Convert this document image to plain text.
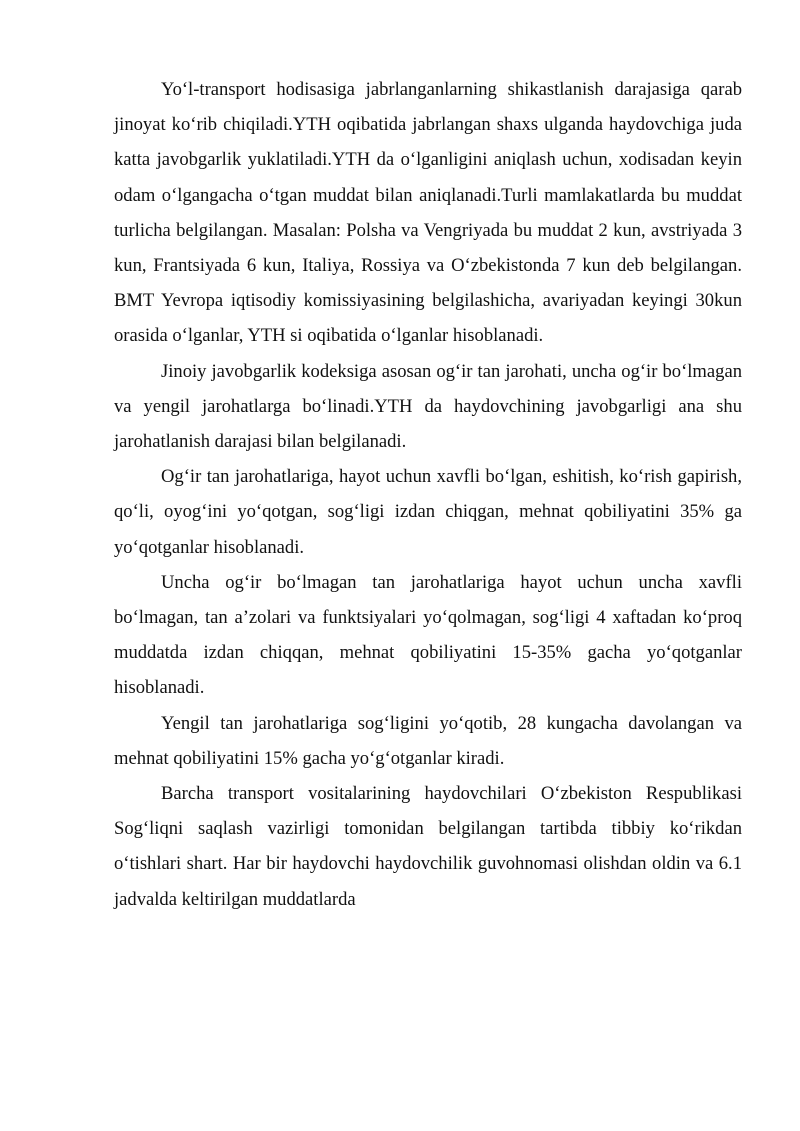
Yo‘l-transport hodisasiga jabrlanganlarning shikastlanish darajasiga qarab jinoyat ko‘rib chiqiladi.YTH oqibatida jabrlangan shaxs ulganda haydovchiga juda katta javobgarlik yuklatiladi.YTH da o‘lganligini aniqlash uchun, xodisadan keyin odam o‘lgangacha o‘tgan muddat bilan aniqlanadi.Turli mamlakatlarda bu muddat turlicha belgilangan. Masalan: Polsha va Vengriyada bu muddat 2 kun, avstriyada 3 kun, Frantsiyada 6 kun, Italiya, Rossiya va O‘zbekistonda 7 kun deb belgilangan. BMT Yevropa iqtisodiy komissiyasining belgilashicha, avariyadan keyingi 30kun orasida o‘lganlar, YTH si oqibatida o‘lganlar hisoblanadi.

Jinoiy javobgarlik kodeksiga asosan og‘ir tan jarohati, uncha og‘ir bo‘lmagan va yengil jarohatlarga bo‘linadi.YTH da haydovchining javobgarligi ana shu jarohatlanish darajasi bilan belgilanadi.

Og‘ir tan jarohatlariga, hayot uchun xavfli bo‘lgan, eshitish, ko‘rish gapirish, qo‘li, oyog‘ini yo‘qotgan, sog‘ligi izdan chiqgan, mehnat qobiliyatini 35% ga yo‘qotganlar hisoblanadi.

Uncha og‘ir bo‘lmagan tan jarohatlariga hayot uchun uncha xavfli bo‘lmagan, tan a’zolari va funktsiyalari yo‘qolmagan, sog‘ligi 4 xaftadan ko‘proq muddatda izdan chiqqan, mehnat qobiliyatini 15-35% gacha yo‘qotganlar hisoblanadi.

Yengil tan jarohatlariga sog‘ligini yo‘qotib, 28 kungacha davolangan va mehnat qobiliyatini 15% gacha yo‘g‘otganlar kiradi.

Barcha transport vositalarining haydovchilari O‘zbekiston Respublikasi Sog‘liqni saqlash vazirligi tomonidan belgilangan tartibda tibbiy ko‘rikdan o‘tishlari shart. Har bir haydovchi haydovchilik guvohnomasi olishdan oldin va 6.1 jadvalda keltirilgan muddatlarda
